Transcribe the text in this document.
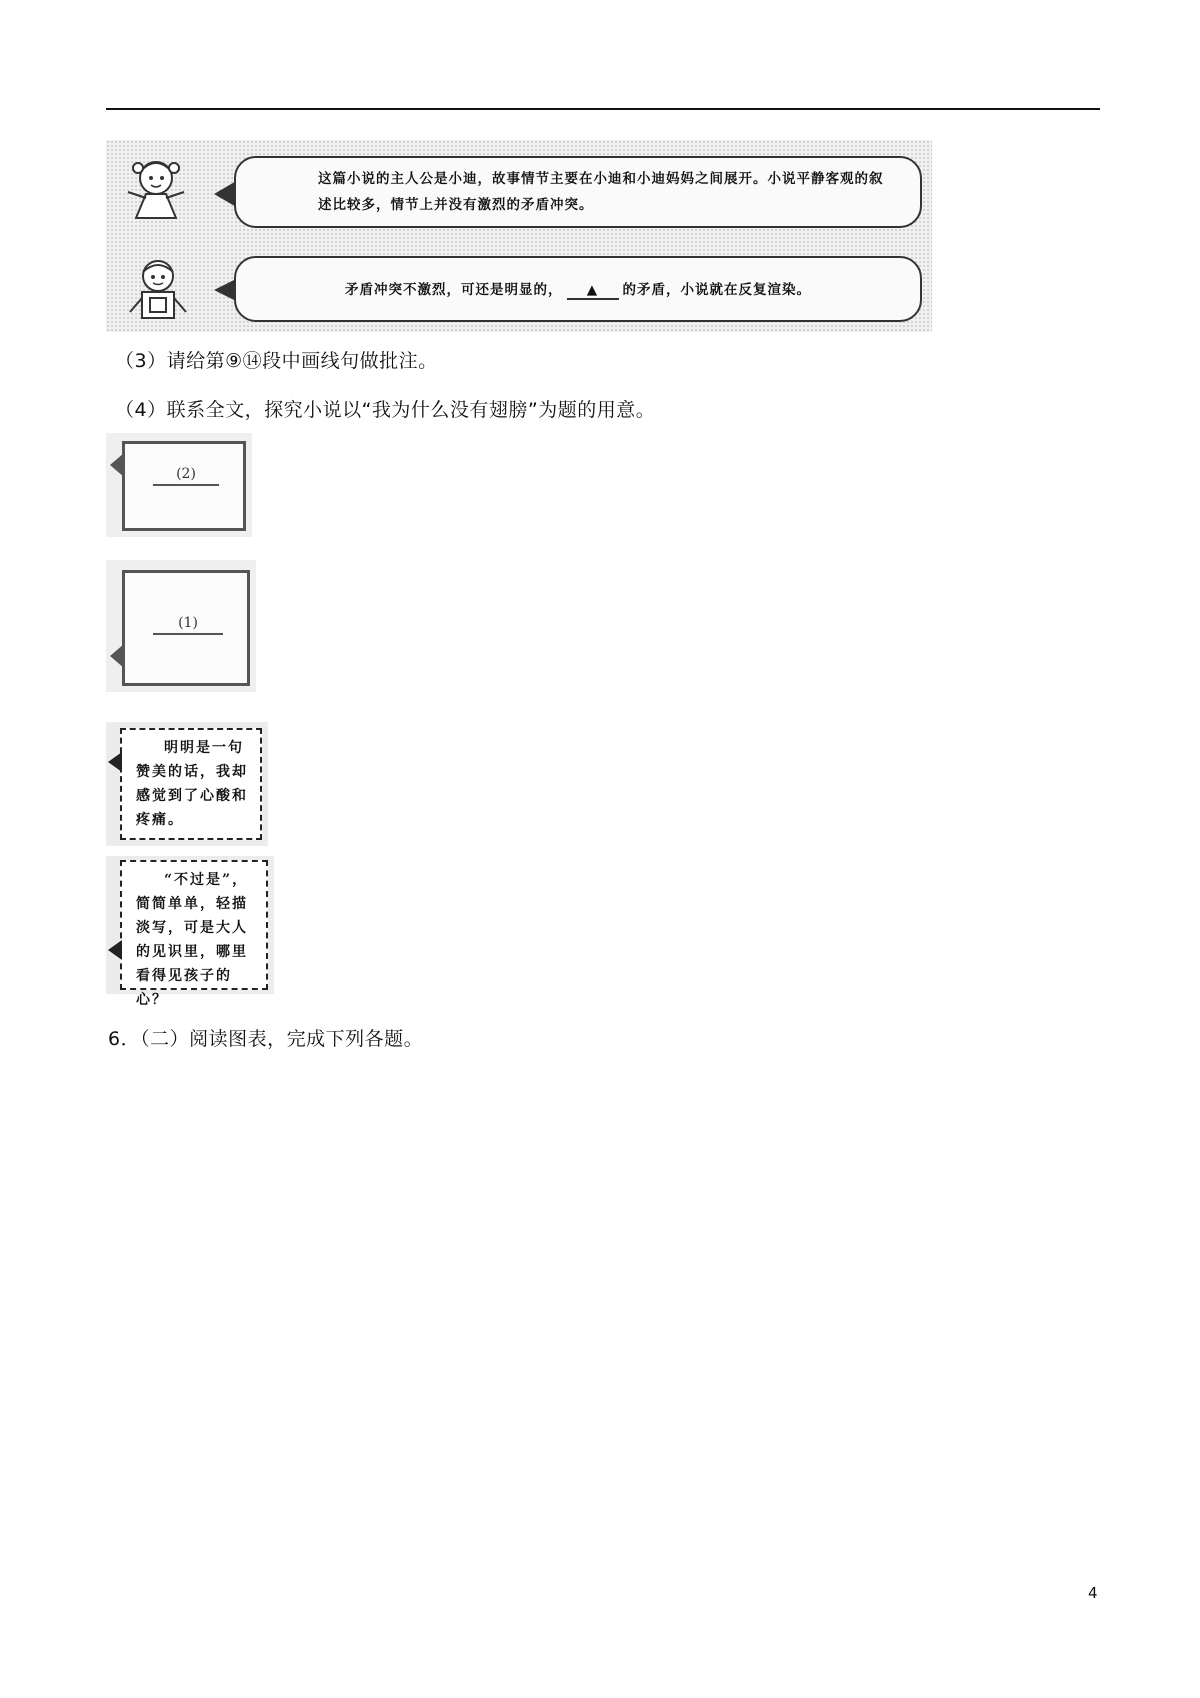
这篇小说的主人公是小迪，故事情节主要在小迪和小迪妈妈之间展开。小说平静客观的叙述比较多，情节上并没有激烈的矛盾冲突。
矛盾冲突不激烈，可还是明显的， ▲ 的矛盾，小说就在反复渲染。
（3）请给第⑨⑭段中画线句做批注。
（4）联系全文，探究小说以“我为什么没有翅膀”为题的用意。
(2)
(1)
明明是一句赞美的话，我却感觉到了心酸和疼痛。
“不过是”，简简单单，轻描淡写，可是大人的见识里，哪里看得见孩子的心？
6．（二）阅读图表，完成下列各题。
4
